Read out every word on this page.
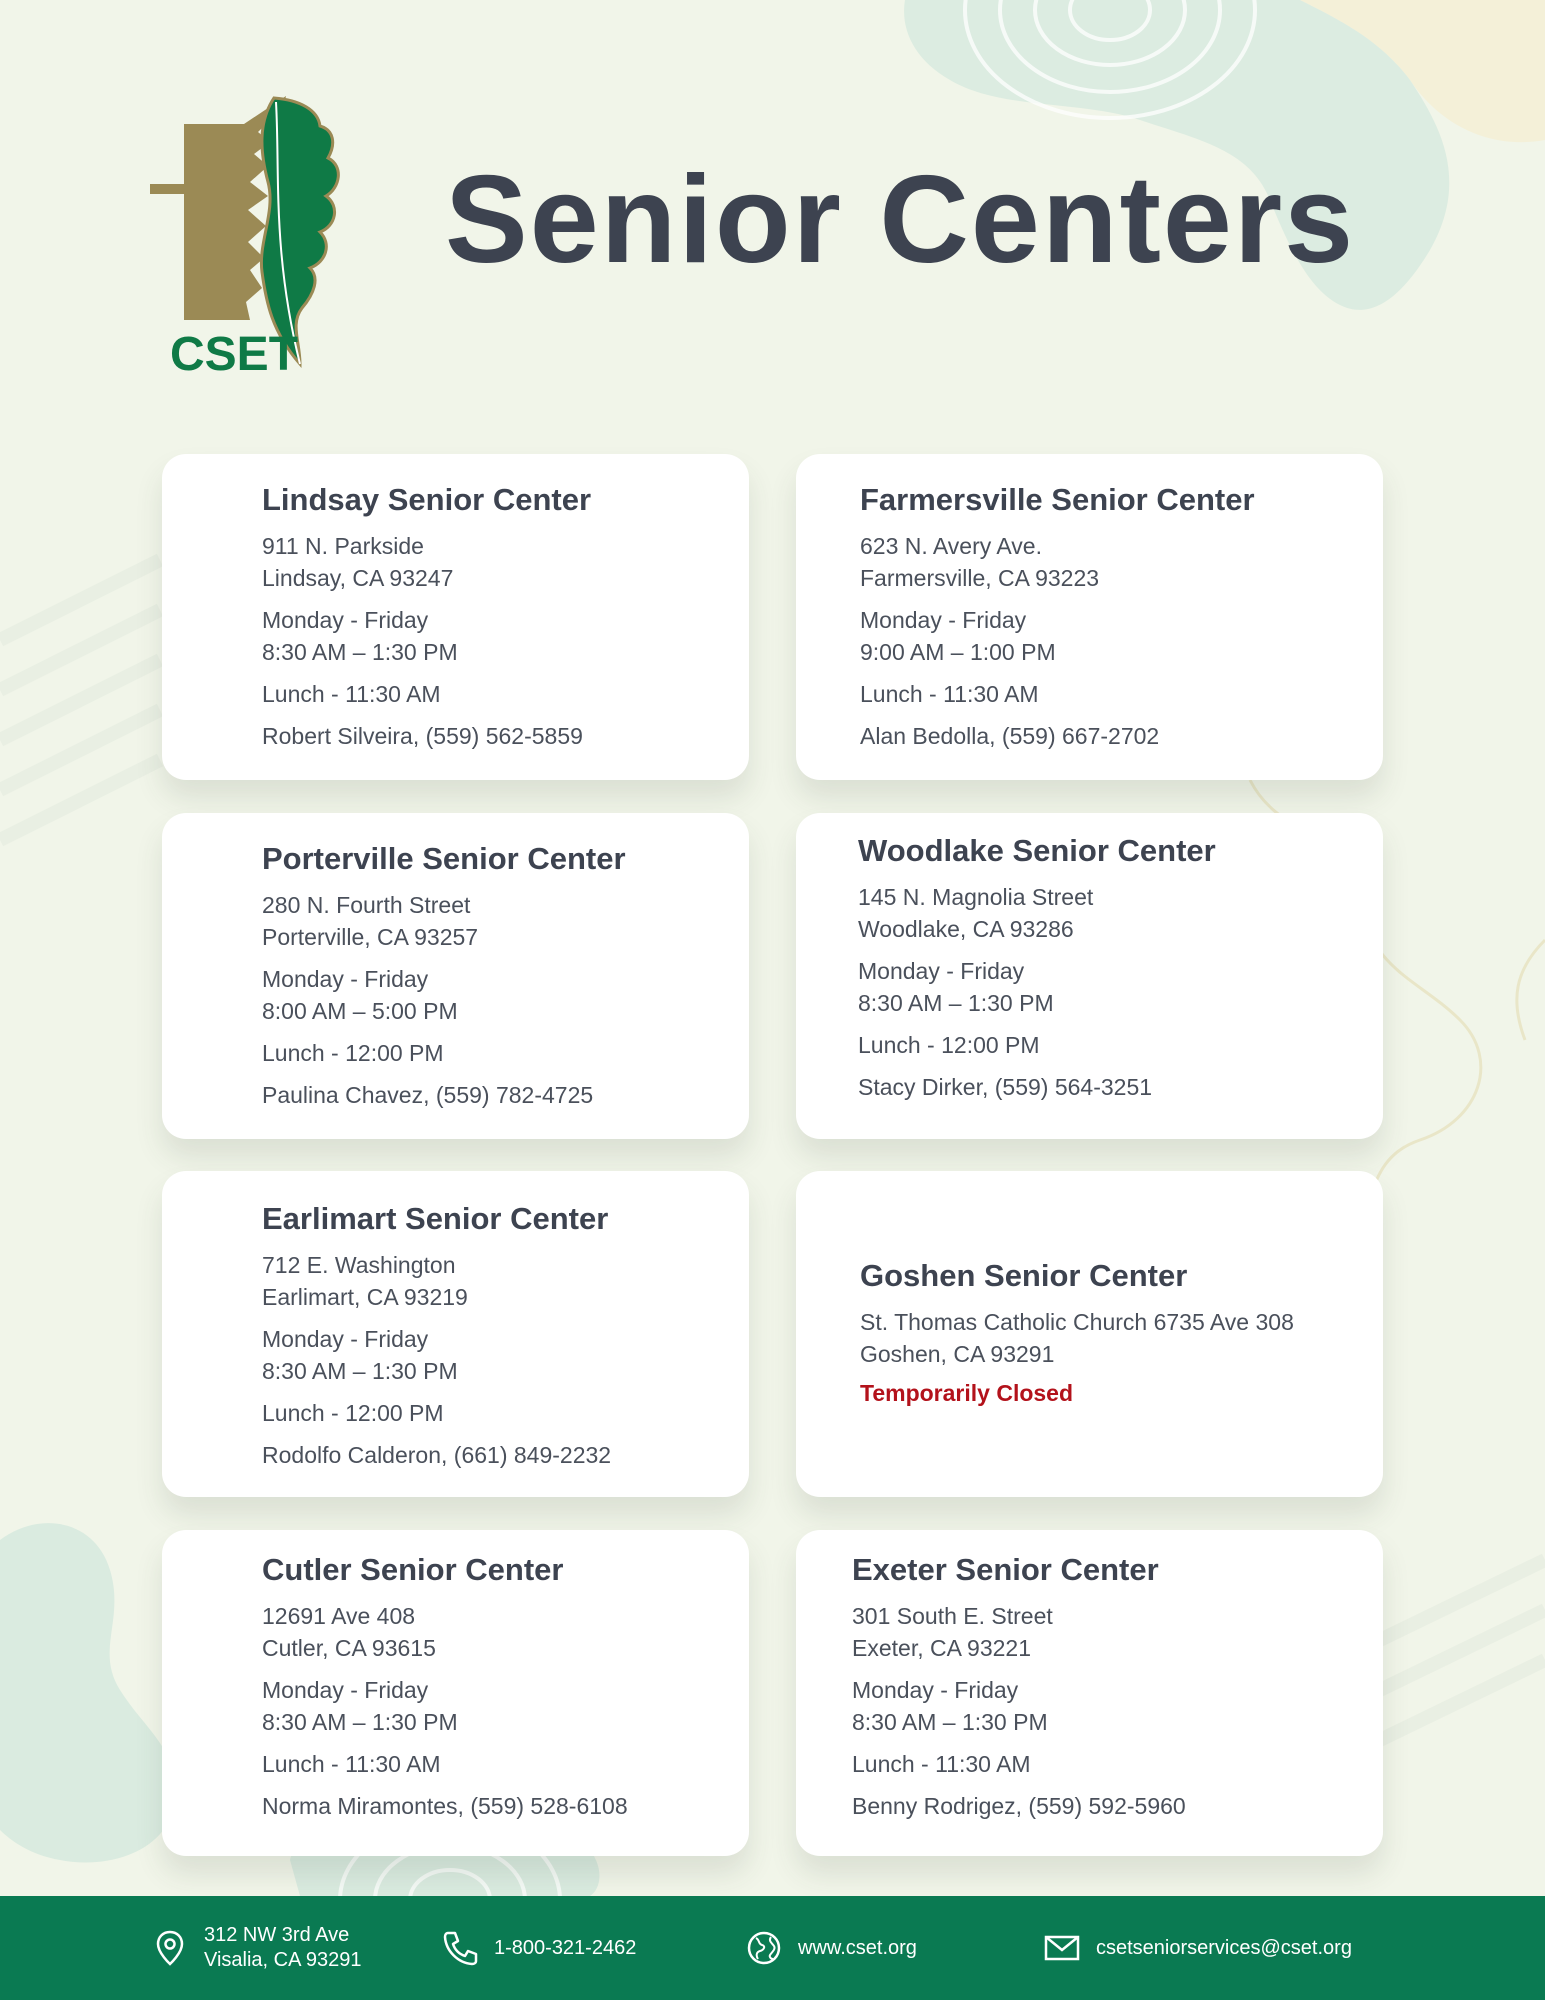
CSET
Senior Centers
Lindsay Senior Center
911 N. Parkside
Lindsay, CA 93247
Monday - Friday
8:30 AM – 1:30 PM
Lunch - 11:30 AM
Robert Silveira, (559) 562-5859
Farmersville Senior Center
623 N. Avery Ave.
Farmersville, CA 93223
Monday - Friday
9:00 AM – 1:00 PM
Lunch - 11:30 AM
Alan Bedolla, (559) 667-2702
Porterville Senior Center
280 N. Fourth Street
Porterville, CA 93257
Monday - Friday
8:00 AM – 5:00 PM
Lunch - 12:00 PM
Paulina Chavez, (559) 782-4725
Woodlake Senior Center
145 N. Magnolia Street
Woodlake, CA 93286
Monday - Friday
8:30 AM – 1:30 PM
Lunch - 12:00 PM
Stacy Dirker, (559) 564-3251
Earlimart Senior Center
712 E. Washington
Earlimart, CA 93219
Monday - Friday
8:30 AM – 1:30 PM
Lunch - 12:00 PM
Rodolfo Calderon, (661) 849-2232
Goshen Senior Center
St. Thomas Catholic Church 6735 Ave 308
Goshen, CA 93291
Temporarily Closed
Cutler Senior Center
12691 Ave 408
Cutler, CA 93615
Monday - Friday
8:30 AM – 1:30 PM
Lunch - 11:30 AM
Norma Miramontes, (559) 528-6108
Exeter Senior Center
301 South E. Street
Exeter, CA 93221
Monday - Friday
8:30 AM – 1:30 PM
Lunch - 11:30 AM
Benny Rodrigez, (559) 592-5960
312 NW 3rd Ave
Visalia, CA 93291
1-800-321-2462	www.cset.org	csetseniorservices@cset.org
